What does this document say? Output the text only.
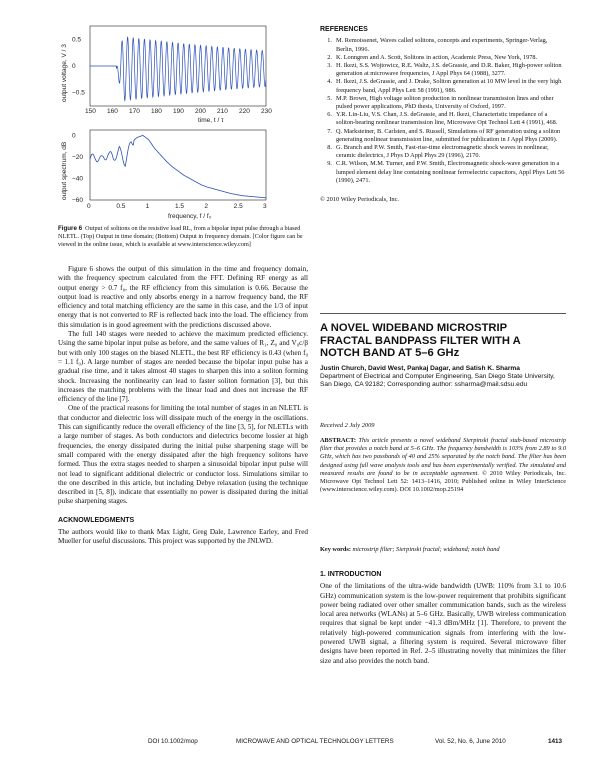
150 160 170 180 190 200 210 220 230
0.5
0
−0.5
output voltage, V / 3
time, t / τ
0	0.5	1	1.5	2	2.5	3
0
−20
−40
−60
output spectrum, dB
frequency, f / f₀
Figure 6 Output of solitons on the resistive load RL, from a bipolar input pulse through a biased NLETL. (Top) Output in time domain; (Bottom) Output in frequency domain. [Color figure can be viewed in the online issue, which is available at www.interscience.wiley.com]

Figure 6 shows the output of this simulation in the time and frequency domain, with the frequency spectrum calculated from the FFT. Defining RF energy as all output energy > 0.7 f₀, the RF efficiency from this simulation is 0.66. Because the output load is reactive and only absorbs energy in a narrow frequency band, the RF efficiency and total matching efficiency are the same in this case, and the 1/3 of input energy that is not converted to RF is reflected back into the load. The efficiency from this simulation is in good agreement with the predictions discussed above.

The full 140 stages were needed to achieve the maximum predicted efficiency. Using the same bipolar input pulse as before, and the same values of R₁, Z₀ and V₀c/β but with only 100 stages on the biased NLETL, the best RF efficiency is 0.43 (when f₀ = 1.1 f₀). A large number of stages are needed because the bipolar input pulse has a gradual rise time, and it takes almost 40 stages to sharpen this into a soliton forming shock. Increasing the nonlinearity can lead to faster soliton formation [3], but this increases the matching problems with the linear load and does not increase the RF efficiency of the line [7].

One of the practical reasons for limiting the total number of stages in an NLETL is that conductor and dielectric loss will dissipate much of the energy in the oscillations. This can significantly reduce the overall efficiency of the line [3, 5], for NLETLs with a large number of stages. As both conductors and dielectrics become lossier at high frequencies, the energy dissipated during the initial pulse sharpening stage will be small compared with the energy dissipated after the high frequency solitons have formed. Thus the extra stages needed to sharpen a sinusoidal bipolar input pulse will not lead to significant additional dielectric or conductor loss. Simulations similar to the one described in this article, but including Debye relaxation (using the technique described in [5, 8]), indicate that essentially no power is dissipated during the initial pulse sharpening stages.

ACKNOWLEDGMENTS

The authors would like to thank Max Light, Greg Dale, Lawrence Earley, and Fred Mueller for useful discussions. This project was supported by the JNLWD.

REFERENCES
1. M. Remoissenet, Waves called solitons, concepts and experiments, Springer-Verlag, Berlin, 1996.
2. K. Lonngren and A. Scott, Solitons in action, Academic Press, New York, 1978.
3. H. Ikezi, S.S. Wojtowicz, R.E. Waltz, J.S. deGrassie, and D.R. Baker, High-power soliton generation at microwave frequencies, J Appl Phys 64 (1988), 3277.
4. H. Ikezi, J.S. deGrassie, and J. Drake, Soliton generation at 10 MW level in the very high frequency band, Appl Phys Lett 58 (1991), 986.
5. M.P. Brown, High voltage soliton production in nonlinear transmission lines and other pulsed power applications, PhD thesis, University of Oxford, 1997.
6. Y.R. Lin-Liu, V.S. Chan, J.S. deGrassie, and H. Ikezi, Characteristic impedance of a soliton-bearing nonlinear transmission line, Microwave Opt Technol Lett 4 (1991), 468.
7. Q. Marksteiner, B. Carlsten, and S. Russell, Simulations of RF generation using a soliton generating nonlinear transmission line, submitted for publication in J Appl Phys (2009).
8. G. Branch and P.W. Smith, Fast-rise-time electromagnetic shock waves in nonlinear, ceramic dielectrics, J Phys D Appl Phys 29 (1996), 2170.
9. C.R. Wilson, M.M. Turner, and P.W. Smith, Electromagnetic shock-wave generation in a lumped element delay line containing nonlinear ferroelectric capacitors, Appl Phys Lett 56 (1990), 2471.
© 2010 Wiley Periodicals, Inc.
A NOVEL WIDEBAND MICROSTRIP FRACTAL BANDPASS FILTER WITH A NOTCH BAND AT 5–6 GHz
Justin Church, David West, Pankaj Dagar, and Satish K. Sharma
Department of Electrical and Computer Engineering, San Diego State University, San Diego, CA 92182; Corresponding author: ssharma@mail.sdsu.edu
Received 2 July 2009
ABSTRACT: This article presents a novel wideband Sierpinski fractal stub-based microstrip filter that provides a notch band at 5–6 GHz. The frequency bandwidth is 103% from 2.89 to 9.0 GHz, which has two passbands of 40 and 25% separated by the notch band. The filter has been designed using full wave analysis tools and has been experimentally verified. The simulated and measured results are found to be in acceptable agreement. © 2010 Wiley Periodicals, Inc. Microwave Opt Technol Lett 52: 1413–1416, 2010; Published online in Wiley InterScience (www.interscience.wiley.com). DOI 10.1002/mop.25194
Key words: microstrip filter; Sierpinski fractal; wideband; notch band
1. INTRODUCTION

One of the limitations of the ultra-wide bandwidth (UWB: 110% from 3.1 to 10.6 GHz) communication system is the low-power requirement that prohibits significant power being radiated over other smaller communication bands, such as the wireless local area networks (WLANs) at 5–6 GHz. Basically, UWB wireless communication requires that signal be kept under −41.3 dBm/MHz [1]. Therefore, to prevent the relatively high-powered communication signals from interfering with the low-powered UWB signal, a filtering system is required. Several microwave filter designs have been reported in Ref. 2–5 illustrating novelty that minimizes the filter size and also provides the notch band.

DOI 10.1002/mop	MICROWAVE AND OPTICAL TECHNOLOGY LETTERS	Vol. 52, No. 6, June 2010	1413
